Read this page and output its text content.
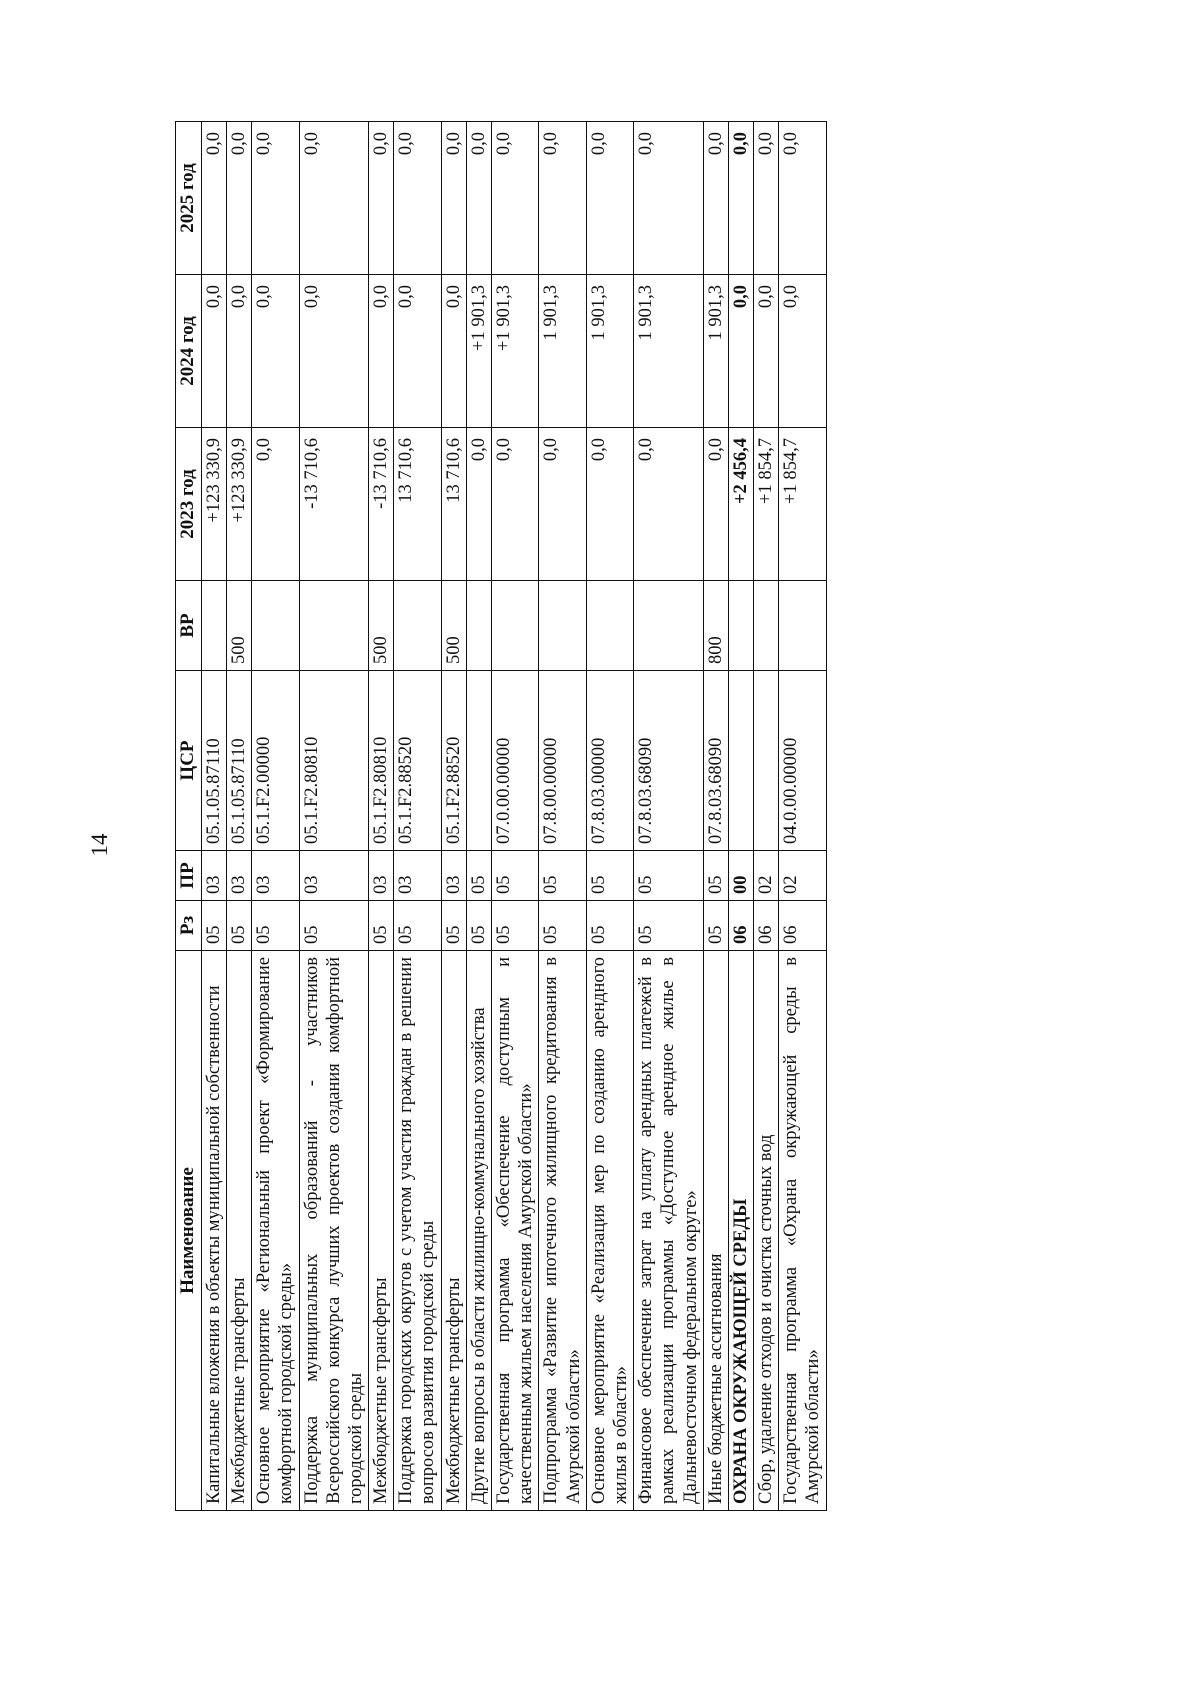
14
Наименование	Рз	ПР	ЦСР	ВР	2023 год	2024 год	2025 год
Капитальные вложения в объекты муниципальной собственности	05	03	05.1.05.87110		+123 330,9	0,0	0,0
Межбюджетные трансферты	05	03	05.1.05.87110	500	+123 330,9	0,0	0,0
Основное мероприятие «Региональный проект «Формирование комфортной городской среды»	05	03	05.1.F2.00000		0,0	0,0	0,0
Поддержка муниципальных образований - участников Всероссийского конкурса лучших проектов создания комфортной городской среды	05	03	05.1.F2.80810		-13 710,6	0,0	0,0
Межбюджетные трансферты	05	03	05.1.F2.80810	500	-13 710,6	0,0	0,0
Поддержка городских округов с учетом участия граждан в решении вопросов развития городской среды	05	03	05.1.F2.88520		13 710,6	0,0	0,0
Межбюджетные трансферты	05	03	05.1.F2.88520	500	13 710,6	0,0	0,0
Другие вопросы в области жилищно-коммунального хозяйства	05	05			0,0	+1 901,3	0,0
Государственная программа «Обеспечение доступным и качественным жильем населения Амурской области»	05	05	07.0.00.00000		0,0	+1 901,3	0,0
Подпрограмма «Развитие ипотечного жилищного кредитования в Амурской области»	05	05	07.8.00.00000		0,0	1 901,3	0,0
Основное мероприятие «Реализация мер по созданию арендного жилья в области»	05	05	07.8.03.00000		0,0	1 901,3	0,0
Финансовое обеспечение затрат на уплату арендных платежей в рамках реализации программы «Доступное арендное жилье в Дальневосточном федеральном округе»	05	05	07.8.03.68090		0,0	1 901,3	0,0
Иные бюджетные ассигнования	05	05	07.8.03.68090	800	0,0	1 901,3	0,0
ОХРАНА ОКРУЖАЮЩЕЙ СРЕДЫ	06	00			+2 456,4	0,0	0,0
Сбор, удаление отходов и очистка сточных вод	06	02			+1 854,7	0,0	0,0
Государственная программа «Охрана окружающей среды в Амурской области»	06	02	04.0.00.00000		+1 854,7	0,0	0,0
